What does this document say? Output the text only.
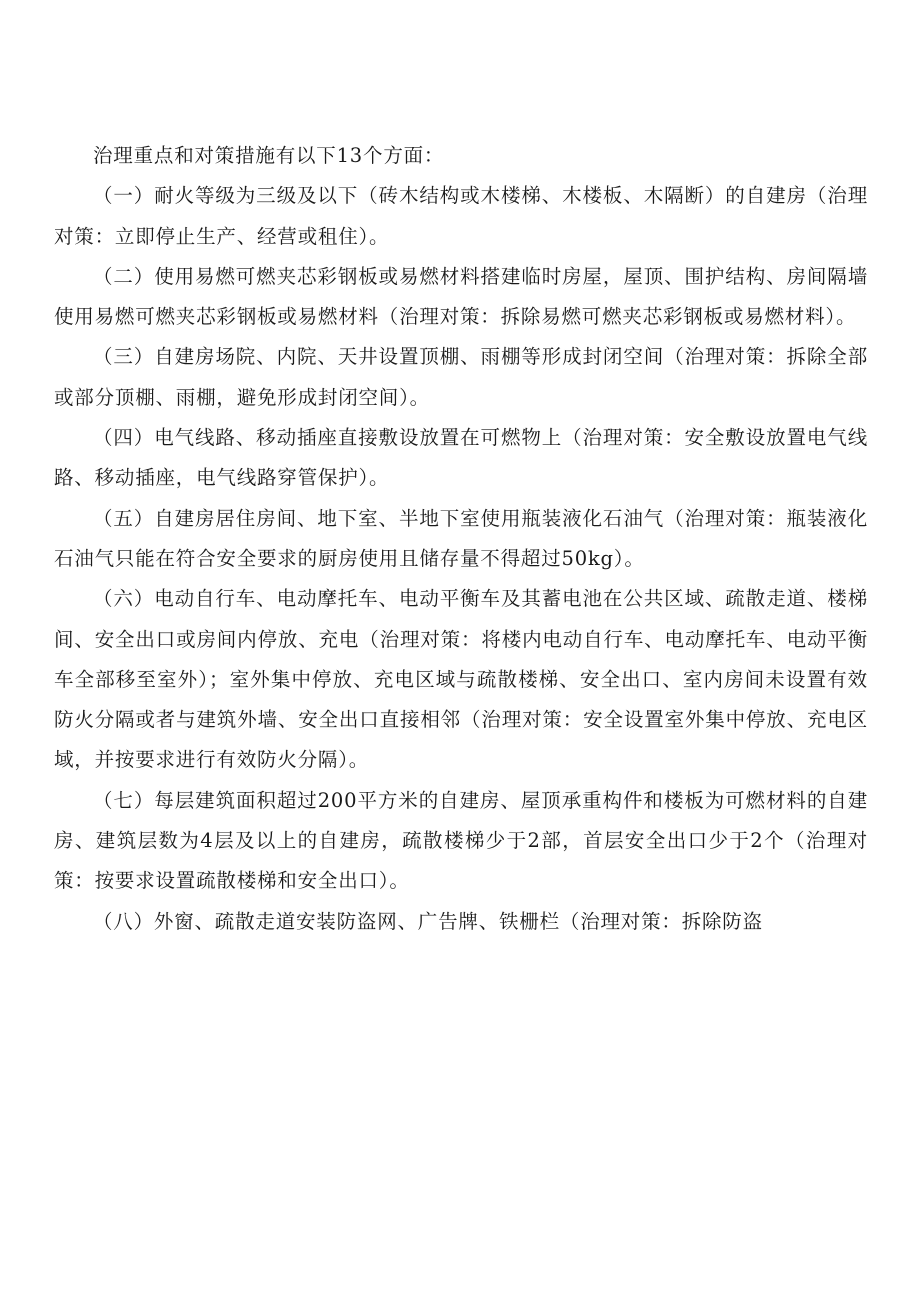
治理重点和对策措施有以下13个方面：

（一）耐火等级为三级及以下（砖木结构或木楼梯、木楼板、木隔断）的自建房（治理对策：立即停止生产、经营或租住）。

（二）使用易燃可燃夹芯彩钢板或易燃材料搭建临时房屋，屋顶、围护结构、房间隔墙使用易燃可燃夹芯彩钢板或易燃材料（治理对策：拆除易燃可燃夹芯彩钢板或易燃材料）。

（三）自建房场院、内院、天井设置顶棚、雨棚等形成封闭空间（治理对策：拆除全部或部分顶棚、雨棚，避免形成封闭空间）。

（四）电气线路、移动插座直接敷设放置在可燃物上（治理对策：安全敷设放置电气线路、移动插座，电气线路穿管保护）。

（五）自建房居住房间、地下室、半地下室使用瓶装液化石油气（治理对策：瓶装液化石油气只能在符合安全要求的厨房使用且储存量不得超过50kg）。

（六）电动自行车、电动摩托车、电动平衡车及其蓄电池在公共区域、疏散走道、楼梯间、安全出口或房间内停放、充电（治理对策：将楼内电动自行车、电动摩托车、电动平衡车全部移至室外）；室外集中停放、充电区域与疏散楼梯、安全出口、室内房间未设置有效防火分隔或者与建筑外墙、安全出口直接相邻（治理对策：安全设置室外集中停放、充电区域，并按要求进行有效防火分隔）。

（七）每层建筑面积超过200平方米的自建房、屋顶承重构件和楼板为可燃材料的自建房、建筑层数为4层及以上的自建房，疏散楼梯少于2部，首层安全出口少于2个（治理对策：按要求设置疏散楼梯和安全出口）。

（八）外窗、疏散走道安装防盗网、广告牌、铁栅栏（治理对策：拆除防盗
